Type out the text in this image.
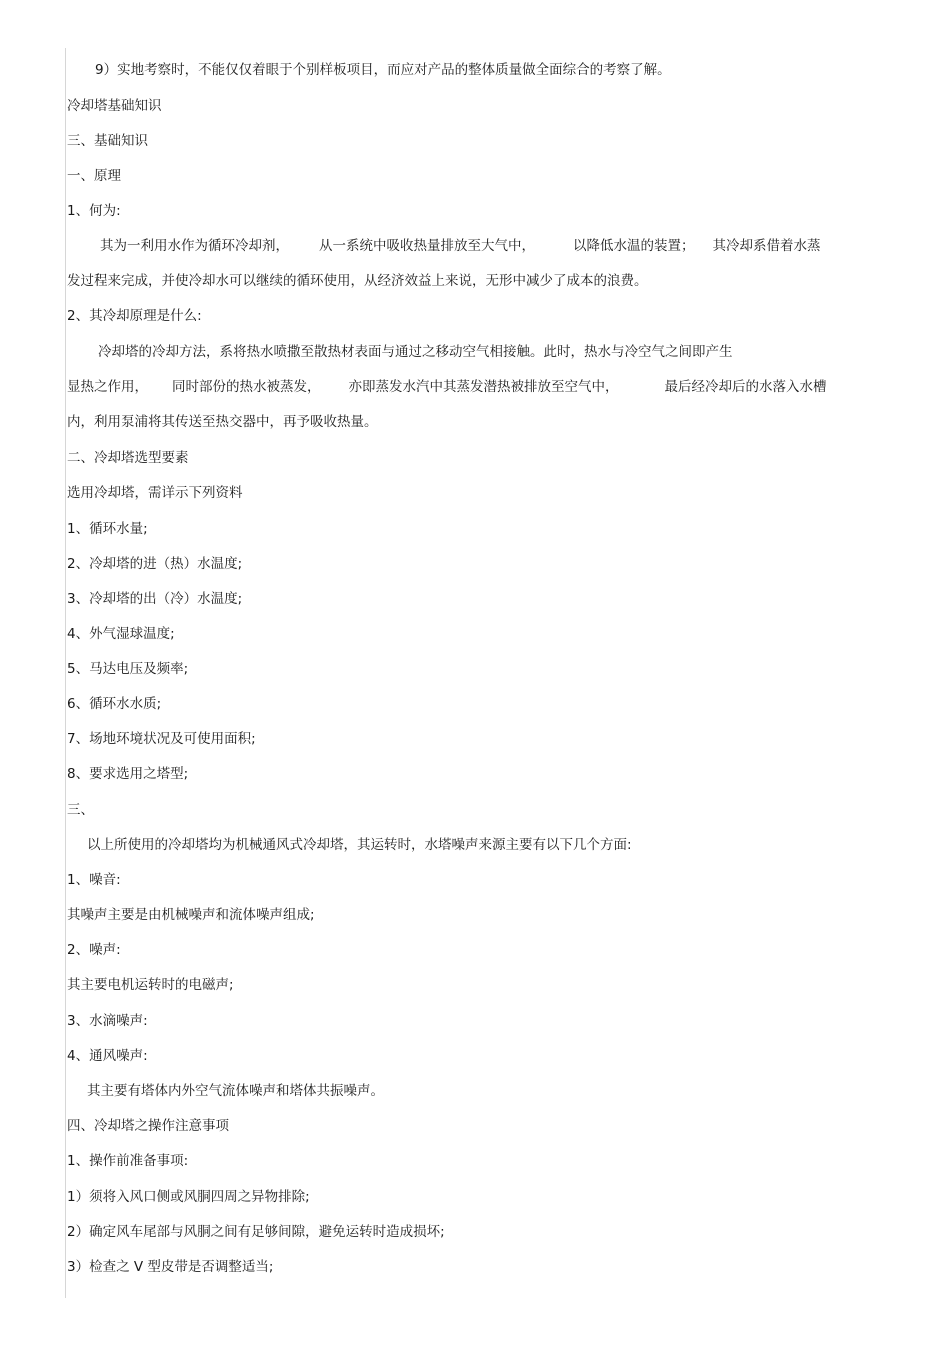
9）实地考察时，不能仅仅着眼于个别样板项目，而应对产品的整体质量做全面综合的考察了解。
冷却塔基础知识
三、基础知识
一、原理
1、何为:
其为一利用水作为循环冷却剂， 从一系统中吸收热量排放至大气中，	以降低水温的装置； 其冷却系借着水蒸
发过程来完成，并使冷却水可以继续的循环使用，从经济效益上来说，无形中减少了成本的浪费。
2、其冷却原理是什么:
冷却塔的冷却方法，系将热水喷撒至散热材表面与通过之移动空气相接触。此时，热水与冷空气之间即产生
显热之作用， 同时部份的热水被蒸发， 亦即蒸发水汽中其蒸发潜热被排放至空气中，	最后经冷却后的水落入水槽
内，利用泵浦将其传送至热交器中，再予吸收热量。
二、冷却塔选型要素
选用冷却塔，需详示下列资料
1、循环水量;
2、冷却塔的进（热）水温度;
3、冷却塔的出（冷）水温度;
4、外气湿球温度;
5、马达电压及频率;
6、循环水水质;
7、场地环境状况及可使用面积;
8、要求选用之塔型;
三、
以上所使用的冷却塔均为机械通风式冷却塔，其运转时，水塔噪声来源主要有以下几个方面:
1、噪音:
其噪声主要是由机械噪声和流体噪声组成;
2、噪声:
其主要电机运转时的电磁声;
3、水滴噪声:
4、通风噪声:
其主要有塔体内外空气流体噪声和塔体共振噪声。
四、冷却塔之操作注意事项
1、操作前准备事项:
1）须将入风口侧或风胴四周之异物排除;
2）确定风车尾部与风胴之间有足够间隙，避免运转时造成损坏;
3）检查之 V 型皮带是否调整适当;
